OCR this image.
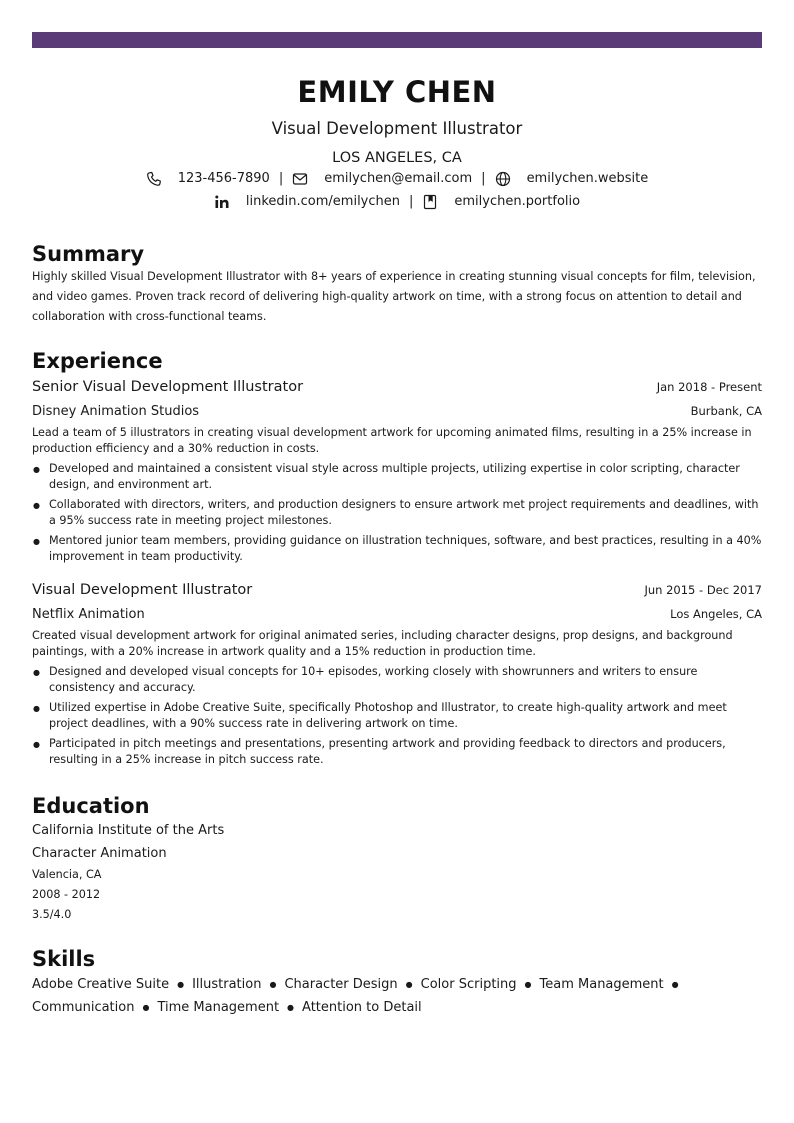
EMILY CHEN
Visual Development Illustrator
LOS ANGELES, CA
123-456-7890 |	emilychen@email.com |	emilychen.website
linkedin.com/emilychen |	emilychen.portfolio
Summary
Highly skilled Visual Development Illustrator with 8+ years of experience in creating stunning visual concepts for film, television, and video games. Proven track record of delivering high-quality artwork on time, with a strong focus on attention to detail and collaboration with cross-functional teams.
Experience
Senior Visual Development Illustrator	Jan 2018 - Present
Disney Animation Studios	Burbank, CA
Lead a team of 5 illustrators in creating visual development artwork for upcoming animated films, resulting in a 25% increase in production efficiency and a 30% reduction in costs.
● Developed and maintained a consistent visual style across multiple projects, utilizing expertise in color scripting, character design, and environment art.
● Collaborated with directors, writers, and production designers to ensure artwork met project requirements and deadlines, with a 95% success rate in meeting project milestones.
● Mentored junior team members, providing guidance on illustration techniques, software, and best practices, resulting in a 40% improvement in team productivity.
Visual Development Illustrator	Jun 2015 - Dec 2017
Netflix Animation	Los Angeles, CA
Created visual development artwork for original animated series, including character designs, prop designs, and background paintings, with a 20% increase in artwork quality and a 15% reduction in production time.
● Designed and developed visual concepts for 10+ episodes, working closely with showrunners and writers to ensure consistency and accuracy.
● Utilized expertise in Adobe Creative Suite, specifically Photoshop and Illustrator, to create high-quality artwork and meet project deadlines, with a 90% success rate in delivering artwork on time.
● Participated in pitch meetings and presentations, presenting artwork and providing feedback to directors and producers, resulting in a 25% increase in pitch success rate.
Education
California Institute of the Arts
Character Animation
Valencia, CA
2008 - 2012
3.5/4.0
Skills
Adobe Creative Suite ● Illustration ● Character Design ● Color Scripting ● Team Management ●
Communication ● Time Management ● Attention to Detail
